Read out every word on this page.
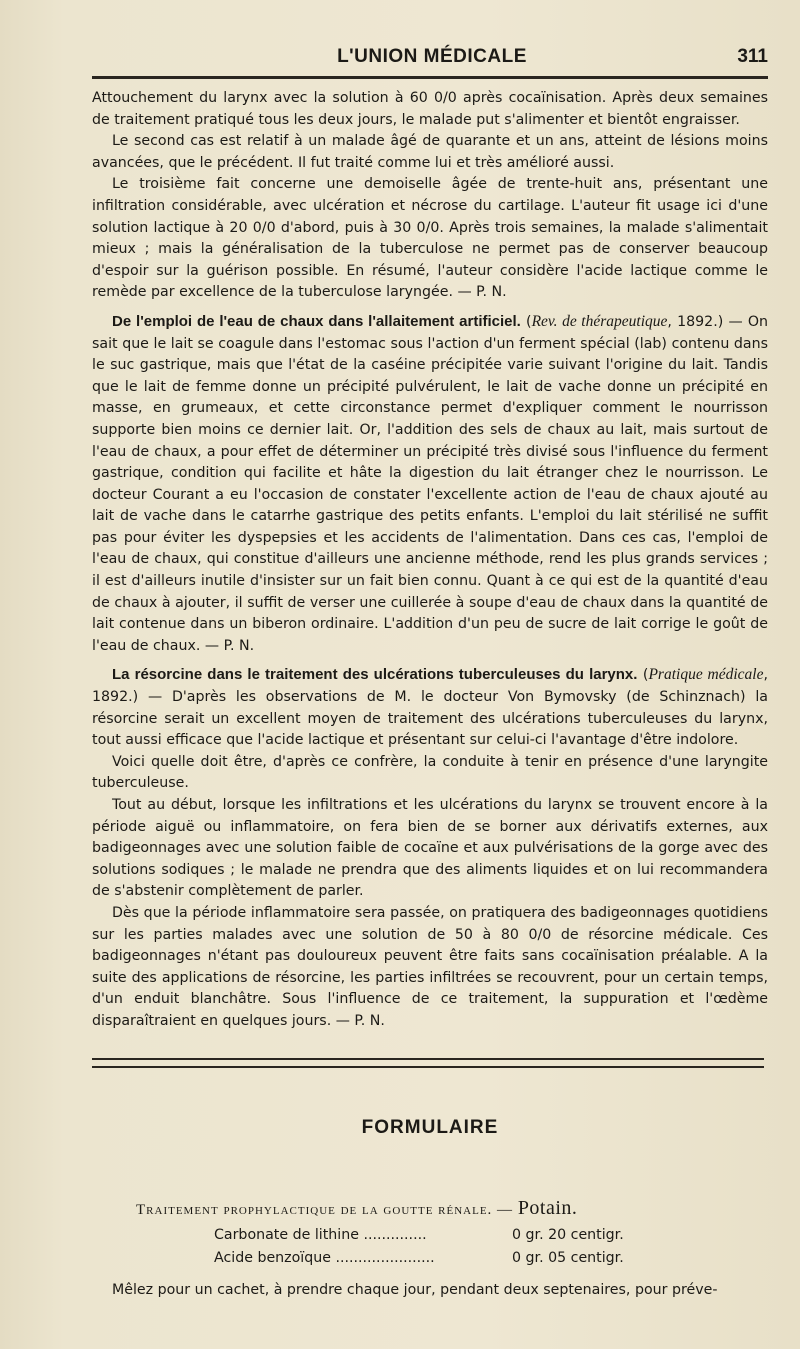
L'UNION MÉDICALE	311

Attouchement du larynx avec la solution à 60 0/0 après cocaïnisation. Après deux semaines de traitement pratiqué tous les deux jours, le malade put s'alimenter et bientôt engraisser.

Le second cas est relatif à un malade âgé de quarante et un ans, atteint de lésions moins avancées, que le précédent. Il fut traité comme lui et très amélioré aussi.

Le troisième fait concerne une demoiselle âgée de trente-huit ans, présentant une infiltration considérable, avec ulcération et nécrose du cartilage. L'auteur fit usage ici d'une solution lactique à 20 0/0 d'abord, puis à 30 0/0. Après trois semaines, la malade s'alimentait mieux ; mais la généralisation de la tuberculose ne permet pas de conserver beaucoup d'espoir sur la guérison possible. En résumé, l'auteur considère l'acide lactique comme le remède par excellence de la tuberculose laryngée. — P. N.

De l'emploi de l'eau de chaux dans l'allaitement artificiel. (Rev. de thérapeutique, 1892.) — On sait que le lait se coagule dans l'estomac sous l'action d'un ferment spécial (lab) contenu dans le suc gastrique, mais que l'état de la caséine précipitée varie suivant l'origine du lait. Tandis que le lait de femme donne un précipité pulvérulent, le lait de vache donne un précipité en masse, en grumeaux, et cette circonstance permet d'expliquer comment le nourrisson supporte bien moins ce dernier lait. Or, l'addition des sels de chaux au lait, mais surtout de l'eau de chaux, a pour effet de déterminer un précipité très divisé sous l'influence du ferment gastrique, condition qui facilite et hâte la digestion du lait étranger chez le nourrisson. Le docteur Courant a eu l'occasion de constater l'excellente action de l'eau de chaux ajouté au lait de vache dans le catarrhe gastrique des petits enfants. L'emploi du lait stérilisé ne suffit pas pour éviter les dyspepsies et les accidents de l'alimentation. Dans ces cas, l'emploi de l'eau de chaux, qui constitue d'ailleurs une ancienne méthode, rend les plus grands services ; il est d'ailleurs inutile d'insister sur un fait bien connu. Quant à ce qui est de la quantité d'eau de chaux à ajouter, il suffit de verser une cuillerée à soupe d'eau de chaux dans la quantité de lait contenue dans un biberon ordinaire. L'addition d'un peu de sucre de lait corrige le goût de l'eau de chaux. — P. N.

La résorcine dans le traitement des ulcérations tuberculeuses du larynx. (Pratique médicale, 1892.) — D'après les observations de M. le docteur Von Bymovsky (de Schinznach) la résorcine serait un excellent moyen de traitement des ulcérations tuberculeuses du larynx, tout aussi efficace que l'acide lactique et présentant sur celui-ci l'avantage d'être indolore.

Voici quelle doit être, d'après ce confrère, la conduite à tenir en présence d'une laryngite tuberculeuse.

Tout au début, lorsque les infiltrations et les ulcérations du larynx se trouvent encore à la période aiguë ou inflammatoire, on fera bien de se borner aux dérivatifs externes, aux badigeonnages avec une solution faible de cocaïne et aux pulvérisations de la gorge avec des solutions sodiques ; le malade ne prendra que des aliments liquides et on lui recommandera de s'abstenir complètement de parler.

Dès que la période inflammatoire sera passée, on pratiquera des badigeonnages quotidiens sur les parties malades avec une solution de 50 à 80 0/0 de résorcine médicale. Ces badigeonnages n'étant pas douloureux peuvent être faits sans cocaïnisation préalable. A la suite des applications de résorcine, les parties infiltrées se recouvrent, pour un certain temps, d'un enduit blanchâtre. Sous l'influence de ce traitement, la suppuration et l'œdème disparaîtraient en quelques jours. — P. N.

FORMULAIRE
Traitement prophylactique de la goutte rénale. — Potain.
Carbonate de lithine ..............	0 gr. 20 centigr.
Acide benzoïque ......................	0 gr. 05 centigr.
Mêlez pour un cachet, à prendre chaque jour, pendant deux septenaires, pour préve-
